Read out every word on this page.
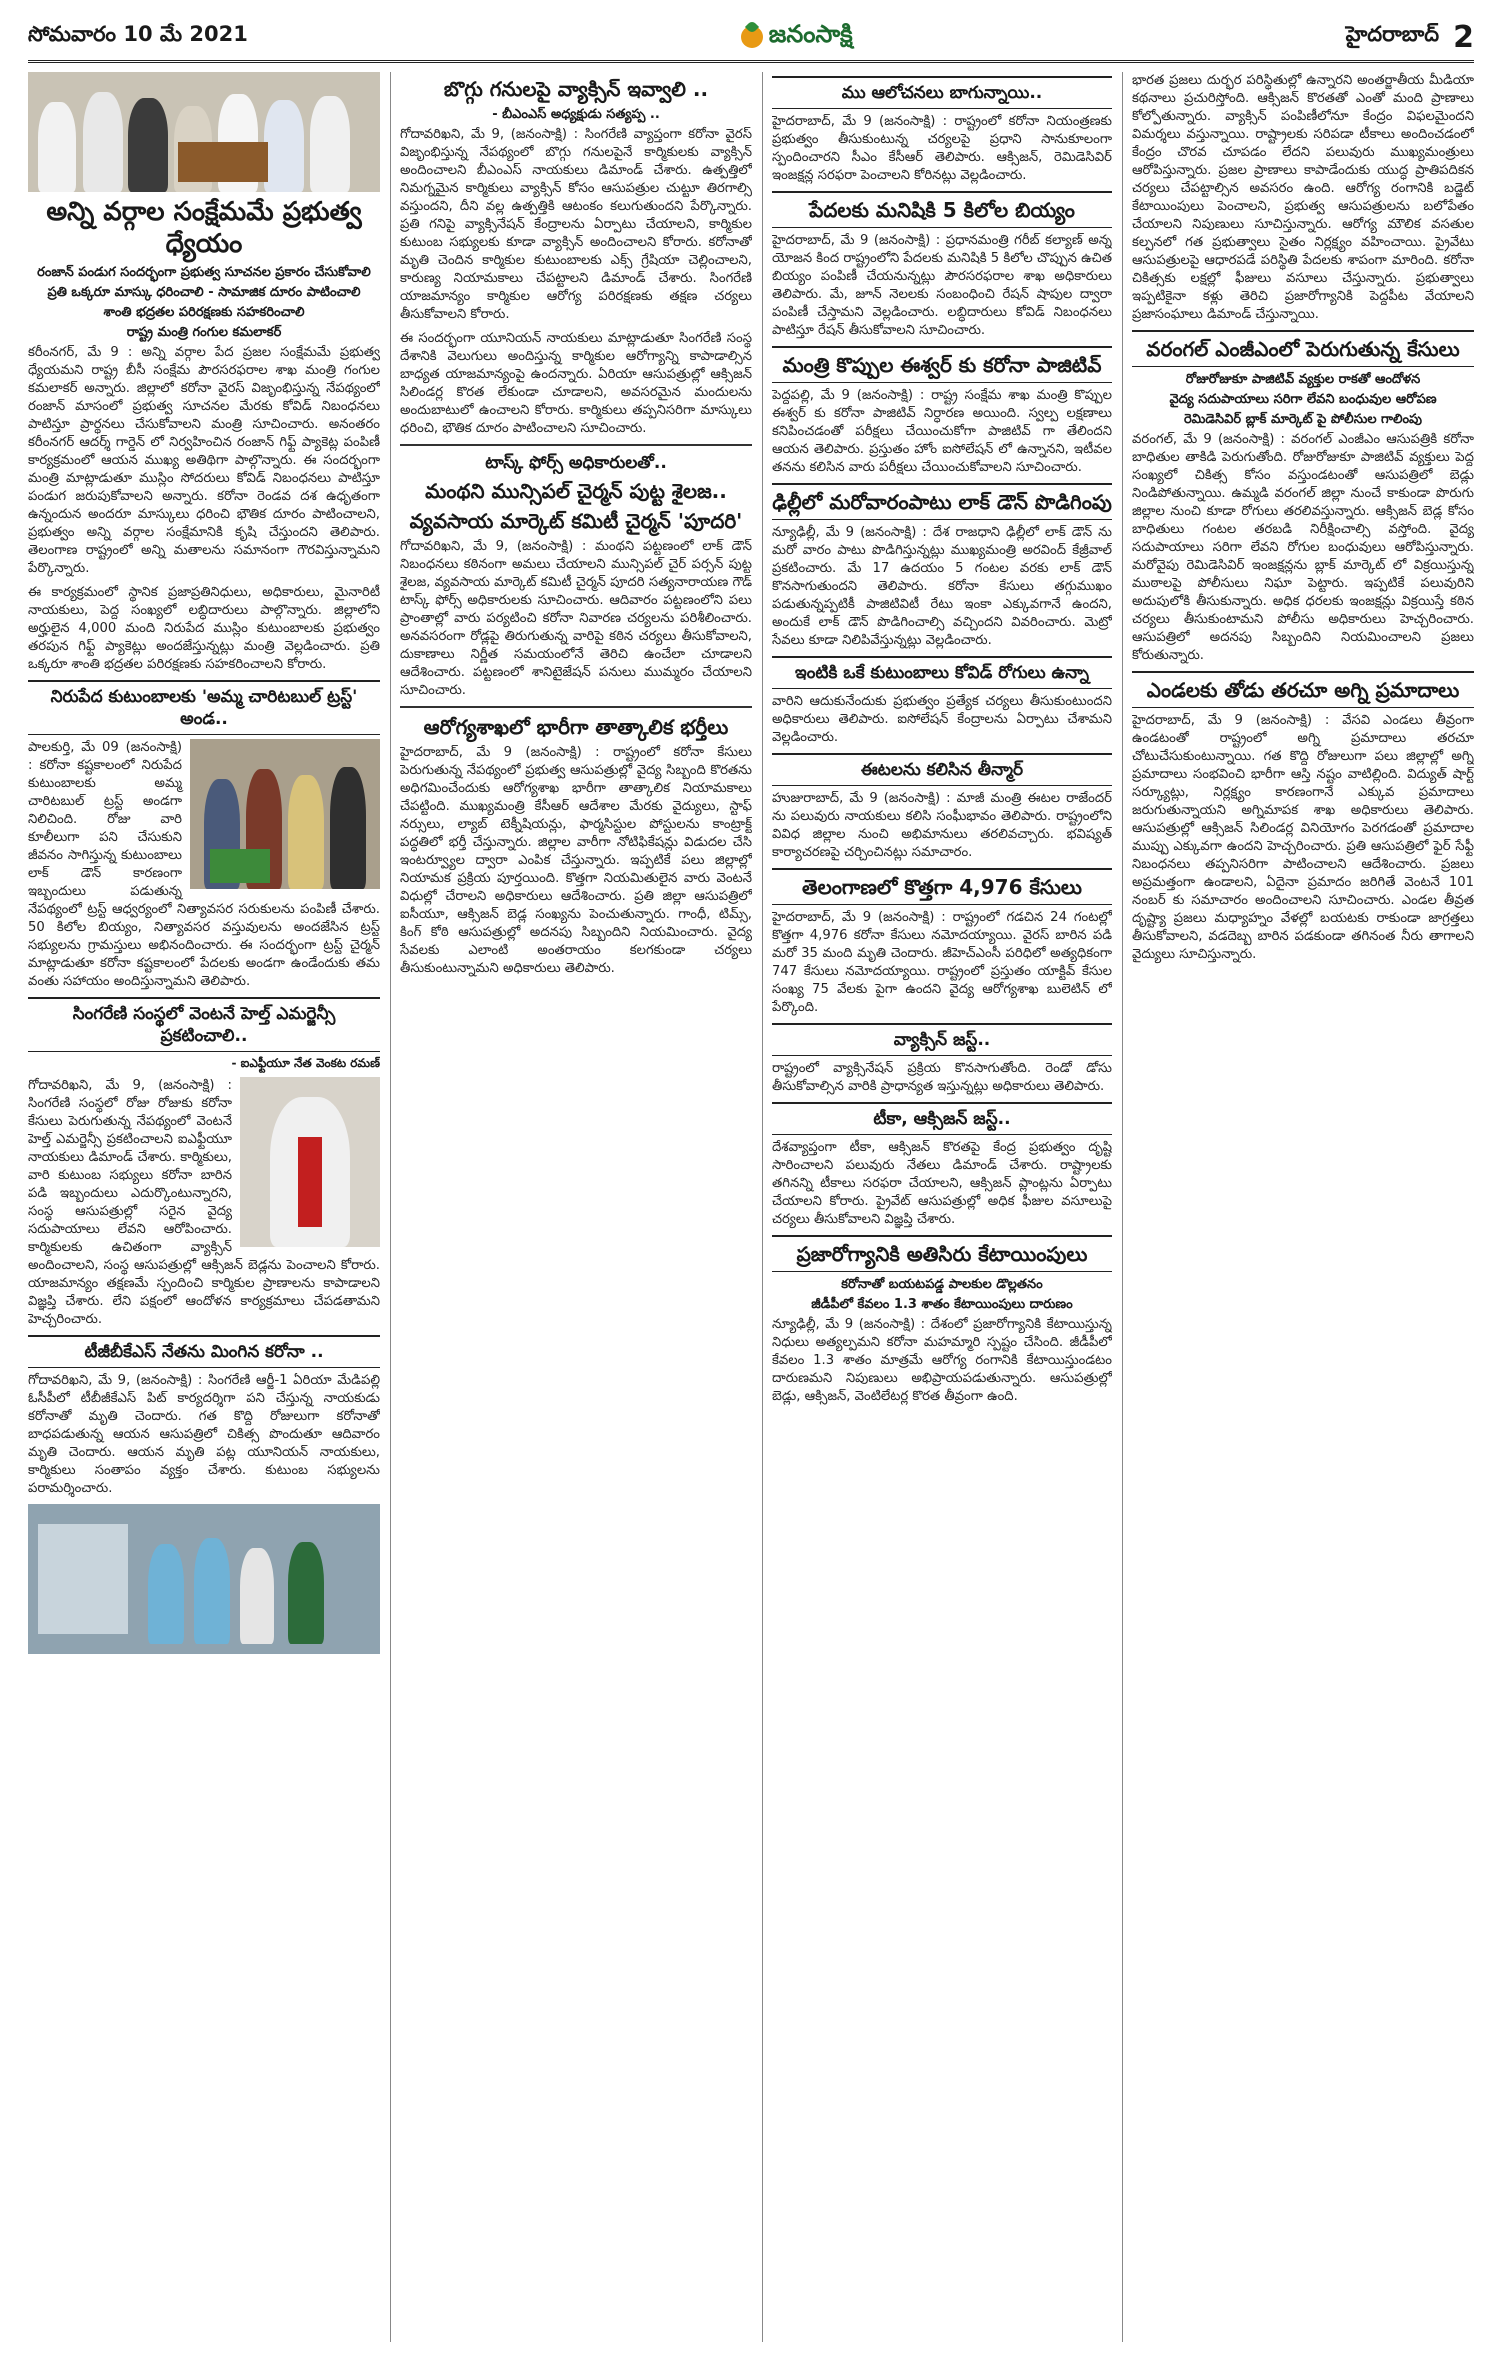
సోమవారం 10 మే 2021	జనంసాక్షి	హైదరాబాద్ 2
అన్ని వర్గాల సంక్షేమమే ప్రభుత్వ ధ్యేయం
రంజాన్ పండుగ సందర్భంగా ప్రభుత్వ సూచనల ప్రకారం చేసుకోవాలి
ప్రతి ఒక్కరూ మాస్కు ధరించాలి - సామాజిక దూరం పాటించాలి
శాంతి భద్రతల పరిరక్షణకు సహకరించాలి
రాష్ట్ర మంత్రి గంగుల కమలాకర్

కరీంనగర్, మే 9 : అన్ని వర్గాల పేద ప్రజల సంక్షేమమే ప్రభుత్వ ధ్యేయమని రాష్ట్ర బీసీ సంక్షేమ పౌరసరఫరాల శాఖ మంత్రి గంగుల కమలాకర్ అన్నారు. జిల్లాలో కరోనా వైరస్ విజృంభిస్తున్న నేపథ్యంలో రంజాన్ మాసంలో ప్రభుత్వ సూచనల మేరకు కోవిడ్ నిబంధనలు పాటిస్తూ ప్రార్థనలు చేసుకోవాలని మంత్రి సూచించారు. అనంతరం కరీంనగర్ ఆదర్శ్ గార్డెన్ లో నిర్వహించిన రంజాన్ గిఫ్ట్ ప్యాకెట్ల పంపిణీ కార్యక్రమంలో ఆయన ముఖ్య అతిథిగా పాల్గొన్నారు. ఈ సందర్భంగా మంత్రి మాట్లాడుతూ ముస్లిం సోదరులు కోవిడ్ నిబంధనలు పాటిస్తూ పండుగ జరుపుకోవాలని అన్నారు. కరోనా రెండవ దశ ఉధృతంగా ఉన్నందున అందరూ మాస్కులు ధరించి భౌతిక దూరం పాటించాలని, ప్రభుత్వం అన్ని వర్గాల సంక్షేమానికి కృషి చేస్తుందని తెలిపారు. తెలంగాణ రాష్ట్రంలో అన్ని మతాలను సమానంగా గౌరవిస్తున్నామని పేర్కొన్నారు.

ఈ కార్యక్రమంలో స్థానిక ప్రజాప్రతినిధులు, అధికారులు, మైనారిటీ నాయకులు, పెద్ద సంఖ్యలో లబ్ధిదారులు పాల్గొన్నారు. జిల్లాలోని అర్హులైన 4,000 మంది నిరుపేద ముస్లిం కుటుంబాలకు ప్రభుత్వం తరపున గిఫ్ట్ ప్యాకెట్లు అందజేస్తున్నట్లు మంత్రి వెల్లడించారు. ప్రతి ఒక్కరూ శాంతి భద్రతల పరిరక్షణకు సహకరించాలని కోరారు.

నిరుపేద కుటుంబాలకు 'అమ్మ చారిటబుల్ ట్రస్ట్' అండ..

పాలకుర్తి, మే 09 (జనంసాక్షి) : కరోనా కష్టకాలంలో నిరుపేద కుటుంబాలకు అమ్మ చారిటబుల్ ట్రస్ట్ అండగా నిలిచింది. రోజు వారి కూలీలుగా పని చేసుకుని జీవనం సాగిస్తున్న కుటుంబాలు లాక్ డౌన్ కారణంగా ఇబ్బందులు పడుతున్న నేపథ్యంలో ట్రస్ట్ ఆధ్వర్యంలో నిత్యావసర సరుకులను పంపిణీ చేశారు. 50 కిలోల బియ్యం, నిత్యావసర వస్తువులను అందజేసిన ట్రస్ట్ సభ్యులను గ్రామస్తులు అభినందించారు. ఈ సందర్భంగా ట్రస్ట్ చైర్మన్ మాట్లాడుతూ కరోనా కష్టకాలంలో పేదలకు అండగా ఉండేందుకు తమ వంతు సహాయం అందిస్తున్నామని తెలిపారు.

సింగరేణి సంస్థలో వెంటనే హెల్త్ ఎమర్జెన్సీ ప్రకటించాలి..
- ఐఎఫ్టీయూ నేత వెంకట రమణ్

గోదావరిఖని, మే 9, (జనంసాక్షి) : సింగరేణి సంస్థలో రోజు రోజుకు కరోనా కేసులు పెరుగుతున్న నేపథ్యంలో వెంటనే హెల్త్ ఎమర్జెన్సీ ప్రకటించాలని ఐఎఫ్టీయూ నాయకులు డిమాండ్ చేశారు. కార్మికులు, వారి కుటుంబ సభ్యులు కరోనా బారిన పడి ఇబ్బందులు ఎదుర్కొంటున్నారని, సంస్థ ఆసుపత్రుల్లో సరైన వైద్య సదుపాయాలు లేవని ఆరోపించారు. కార్మికులకు ఉచితంగా వ్యాక్సిన్ అందించాలని, సంస్థ ఆసుపత్రుల్లో ఆక్సిజన్ బెడ్లను పెంచాలని కోరారు. యాజమాన్యం తక్షణమే స్పందించి కార్మికుల ప్రాణాలను కాపాడాలని విజ్ఞప్తి చేశారు. లేని పక్షంలో ఆందోళన కార్యక్రమాలు చేపడతామని హెచ్చరించారు.

టీజీబీకేఎస్ నేతను మింగిన కరోనా ..

గోదావరిఖని, మే 9, (జనంసాక్షి) : సింగరేణి ఆర్జీ-1 ఏరియా మేడిపల్లి ఓసీపీలో టీబీజీకేఎస్ పిట్ కార్యదర్శిగా పని చేస్తున్న నాయకుడు కరోనాతో మృతి చెందారు. గత కొద్ది రోజులుగా కరోనాతో బాధపడుతున్న ఆయన ఆసుపత్రిలో చికిత్స పొందుతూ ఆదివారం మృతి చెందారు. ఆయన మృతి పట్ల యూనియన్ నాయకులు, కార్మికులు సంతాపం వ్యక్తం చేశారు. కుటుంబ సభ్యులను పరామర్శించారు.

బొగ్గు గనులపై వ్యాక్సిన్ ఇవ్వాలి ..
- బీఎంఎస్ అధ్యక్షుడు సత్యప్ప ..

గోదావరిఖని, మే 9, (జనంసాక్షి) : సింగరేణి వ్యాప్తంగా కరోనా వైరస్ విజృంభిస్తున్న నేపథ్యంలో బొగ్గు గనులపైనే కార్మికులకు వ్యాక్సిన్ అందించాలని బీఎంఎస్ నాయకులు డిమాండ్ చేశారు. ఉత్పత్తిలో నిమగ్నమైన కార్మికులు వ్యాక్సిన్ కోసం ఆసుపత్రుల చుట్టూ తిరగాల్సి వస్తుందని, దీని వల్ల ఉత్పత్తికి ఆటంకం కలుగుతుందని పేర్కొన్నారు. ప్రతి గనిపై వ్యాక్సినేషన్ కేంద్రాలను ఏర్పాటు చేయాలని, కార్మికుల కుటుంబ సభ్యులకు కూడా వ్యాక్సిన్ అందించాలని కోరారు. కరోనాతో మృతి చెందిన కార్మికుల కుటుంబాలకు ఎక్స్ గ్రేషియా చెల్లించాలని, కారుణ్య నియామకాలు చేపట్టాలని డిమాండ్ చేశారు. సింగరేణి యాజమాన్యం కార్మికుల ఆరోగ్య పరిరక్షణకు తక్షణ చర్యలు తీసుకోవాలని కోరారు.

ఈ సందర్భంగా యూనియన్ నాయకులు మాట్లాడుతూ సింగరేణి సంస్థ దేశానికి వెలుగులు అందిస్తున్న కార్మికుల ఆరోగ్యాన్ని కాపాడాల్సిన బాధ్యత యాజమాన్యంపై ఉందన్నారు. ఏరియా ఆసుపత్రుల్లో ఆక్సిజన్ సిలిండర్ల కొరత లేకుండా చూడాలని, అవసరమైన మందులను అందుబాటులో ఉంచాలని కోరారు. కార్మికులు తప్పనిసరిగా మాస్కులు ధరించి, భౌతిక దూరం పాటించాలని సూచించారు.

టాస్క్ ఫోర్స్ అధికారులతో..
మంథని మున్సిపల్ చైర్మన్ పుట్ట శైలజ..
వ్యవసాయ మార్కెట్ కమిటీ చైర్మన్ 'పూదరి'

గోదావరిఖని, మే 9, (జనంసాక్షి) : మంథని పట్టణంలో లాక్ డౌన్ నిబంధనలు కఠినంగా అమలు చేయాలని మున్సిపల్ చైర్ పర్సన్ పుట్ట శైలజ, వ్యవసాయ మార్కెట్ కమిటీ చైర్మన్ పూదరి సత్యనారాయణ గౌడ్ టాస్క్ ఫోర్స్ అధికారులకు సూచించారు. ఆదివారం పట్టణంలోని పలు ప్రాంతాల్లో వారు పర్యటించి కరోనా నివారణ చర్యలను పరిశీలించారు. అనవసరంగా రోడ్లపై తిరుగుతున్న వారిపై కఠిన చర్యలు తీసుకోవాలని, దుకాణాలు నిర్ణీత సమయంలోనే తెరిచి ఉంచేలా చూడాలని ఆదేశించారు. పట్టణంలో శానిటైజేషన్ పనులు ముమ్మరం చేయాలని సూచించారు.

ఆరోగ్యశాఖలో భారీగా తాత్కాలిక భర్తీలు

హైదరాబాద్, మే 9 (జనంసాక్షి) : రాష్ట్రంలో కరోనా కేసులు పెరుగుతున్న నేపథ్యంలో ప్రభుత్వ ఆసుపత్రుల్లో వైద్య సిబ్బంది కొరతను అధిగమించేందుకు ఆరోగ్యశాఖ భారీగా తాత్కాలిక నియామకాలు చేపట్టింది. ముఖ్యమంత్రి కేసీఆర్ ఆదేశాల మేరకు వైద్యులు, స్టాఫ్ నర్సులు, ల్యాబ్ టెక్నీషియన్లు, ఫార్మసిస్టుల పోస్టులను కాంట్రాక్ట్ పద్ధతిలో భర్తీ చేస్తున్నారు. జిల్లాల వారీగా నోటిఫికేషన్లు విడుదల చేసి ఇంటర్వ్యూల ద్వారా ఎంపిక చేస్తున్నారు. ఇప్పటికే పలు జిల్లాల్లో నియామక ప్రక్రియ పూర్తయింది. కొత్తగా నియమితులైన వారు వెంటనే విధుల్లో చేరాలని అధికారులు ఆదేశించారు. ప్రతి జిల్లా ఆసుపత్రిలో ఐసీయూ, ఆక్సిజన్ బెడ్ల సంఖ్యను పెంచుతున్నారు. గాంధీ, టిమ్స్, కింగ్ కోఠి ఆసుపత్రుల్లో అదనపు సిబ్బందిని నియమించారు. వైద్య సేవలకు ఎలాంటి అంతరాయం కలగకుండా చర్యలు తీసుకుంటున్నామని అధికారులు తెలిపారు.

ము ఆలోచనలు బాగున్నాయి..

హైదరాబాద్, మే 9 (జనంసాక్షి) : రాష్ట్రంలో కరోనా నియంత్రణకు ప్రభుత్వం తీసుకుంటున్న చర్యలపై ప్రధాని సానుకూలంగా స్పందించారని సీఎం కేసీఆర్ తెలిపారు. ఆక్సిజన్, రెమిడెసివిర్ ఇంజక్షన్ల సరఫరా పెంచాలని కోరినట్లు వెల్లడించారు.

పేదలకు మనిషికి 5 కిలోల బియ్యం

హైదరాబాద్, మే 9 (జనంసాక్షి) : ప్రధానమంత్రి గరీబ్ కల్యాణ్ అన్న యోజన కింద రాష్ట్రంలోని పేదలకు మనిషికి 5 కిలోల చొప్పున ఉచిత బియ్యం పంపిణీ చేయనున్నట్లు పౌరసరఫరాల శాఖ అధికారులు తెలిపారు. మే, జూన్ నెలలకు సంబంధించి రేషన్ షాపుల ద్వారా పంపిణీ చేస్తామని వెల్లడించారు. లబ్ధిదారులు కోవిడ్ నిబంధనలు పాటిస్తూ రేషన్ తీసుకోవాలని సూచించారు.

మంత్రి కొప్పుల ఈశ్వర్ కు కరోనా పాజిటివ్

పెద్దపల్లి, మే 9 (జనంసాక్షి) : రాష్ట్ర సంక్షేమ శాఖ మంత్రి కొప్పుల ఈశ్వర్ కు కరోనా పాజిటివ్ నిర్ధారణ అయింది. స్వల్ప లక్షణాలు కనిపించడంతో పరీక్షలు చేయించుకోగా పాజిటివ్ గా తేలిందని ఆయన తెలిపారు. ప్రస్తుతం హోం ఐసోలేషన్ లో ఉన్నానని, ఇటీవల తనను కలిసిన వారు పరీక్షలు చేయించుకోవాలని సూచించారు.

ఢిల్లీలో మరోవారంపాటు లాక్ డౌన్ పొడిగింపు

న్యూఢిల్లీ, మే 9 (జనంసాక్షి) : దేశ రాజధాని ఢిల్లీలో లాక్ డౌన్ ను మరో వారం పాటు పొడిగిస్తున్నట్లు ముఖ్యమంత్రి అరవింద్ కేజ్రీవాల్ ప్రకటించారు. మే 17 ఉదయం 5 గంటల వరకు లాక్ డౌన్ కొనసాగుతుందని తెలిపారు. కరోనా కేసులు తగ్గుముఖం పడుతున్నప్పటికీ పాజిటివిటీ రేటు ఇంకా ఎక్కువగానే ఉందని, అందుకే లాక్ డౌన్ పొడిగించాల్సి వచ్చిందని వివరించారు. మెట్రో సేవలు కూడా నిలిపివేస్తున్నట్లు వెల్లడించారు.

ఇంటికి ఒకే కుటుంబాలు కోవిడ్ రోగులు ఉన్నా

వారిని ఆదుకునేందుకు ప్రభుత్వం ప్రత్యేక చర్యలు తీసుకుంటుందని అధికారులు తెలిపారు. ఐసోలేషన్ కేంద్రాలను ఏర్పాటు చేశామని వెల్లడించారు.

ఈటలను కలిసిన తీన్మార్

హుజురాబాద్, మే 9 (జనంసాక్షి) : మాజీ మంత్రి ఈటల రాజేందర్ ను పలువురు నాయకులు కలిసి సంఘీభావం తెలిపారు. రాష్ట్రంలోని వివిధ జిల్లాల నుంచి అభిమానులు తరలివచ్చారు. భవిష్యత్ కార్యాచరణపై చర్చించినట్లు సమాచారం.

తెలంగాణలో కొత్తగా 4,976 కేసులు

హైదరాబాద్, మే 9 (జనంసాక్షి) : రాష్ట్రంలో గడచిన 24 గంటల్లో కొత్తగా 4,976 కరోనా కేసులు నమోదయ్యాయి. వైరస్ బారిన పడి మరో 35 మంది మృతి చెందారు. జీహెచ్ఎంసీ పరిధిలో అత్యధికంగా 747 కేసులు నమోదయ్యాయి. రాష్ట్రంలో ప్రస్తుతం యాక్టివ్ కేసుల సంఖ్య 75 వేలకు పైగా ఉందని వైద్య ఆరోగ్యశాఖ బులెటిన్ లో పేర్కొంది.

వ్యాక్సిన్ జస్ట్..

రాష్ట్రంలో వ్యాక్సినేషన్ ప్రక్రియ కొనసాగుతోంది. రెండో డోసు తీసుకోవాల్సిన వారికి ప్రాధాన్యత ఇస్తున్నట్లు అధికారులు తెలిపారు.

టీకా, ఆక్సిజన్ జస్ట్..

దేశవ్యాప్తంగా టీకా, ఆక్సిజన్ కొరతపై కేంద్ర ప్రభుత్వం దృష్టి సారించాలని పలువురు నేతలు డిమాండ్ చేశారు. రాష్ట్రాలకు తగినన్ని టీకాలు సరఫరా చేయాలని, ఆక్సిజన్ ప్లాంట్లను ఏర్పాటు చేయాలని కోరారు. ప్రైవేట్ ఆసుపత్రుల్లో అధిక ఫీజుల వసూలుపై చర్యలు తీసుకోవాలని విజ్ఞప్తి చేశారు.

ప్రజారోగ్యానికి అతిసిరు కేటాయింపులు
కరోనాతో బయటపడ్డ పాలకుల డొల్లతనం
జీడీపీలో కేవలం 1.3 శాతం కేటాయింపులు దారుణం

న్యూఢిల్లీ, మే 9 (జనంసాక్షి) : దేశంలో ప్రజారోగ్యానికి కేటాయిస్తున్న నిధులు అత్యల్పమని కరోనా మహమ్మారి స్పష్టం చేసింది. జీడీపీలో కేవలం 1.3 శాతం మాత్రమే ఆరోగ్య రంగానికి కేటాయిస్తుండటం దారుణమని నిపుణులు అభిప్రాయపడుతున్నారు. ఆసుపత్రుల్లో బెడ్లు, ఆక్సిజన్, వెంటిలేటర్ల కొరత తీవ్రంగా ఉంది.

భారత ప్రజలు దుర్భర పరిస్థితుల్లో ఉన్నారని అంతర్జాతీయ మీడియా కథనాలు ప్రచురిస్తోంది. ఆక్సిజన్ కొరతతో ఎంతో మంది ప్రాణాలు కోల్పోతున్నారు. వ్యాక్సిన్ పంపిణీలోనూ కేంద్రం విఫలమైందని విమర్శలు వస్తున్నాయి. రాష్ట్రాలకు సరిపడా టీకాలు అందించడంలో కేంద్రం చొరవ చూపడం లేదని పలువురు ముఖ్యమంత్రులు ఆరోపిస్తున్నారు. ప్రజల ప్రాణాలు కాపాడేందుకు యుద్ధ ప్రాతిపదికన చర్యలు చేపట్టాల్సిన అవసరం ఉంది. ఆరోగ్య రంగానికి బడ్జెట్ కేటాయింపులు పెంచాలని, ప్రభుత్వ ఆసుపత్రులను బలోపేతం చేయాలని నిపుణులు సూచిస్తున్నారు. ఆరోగ్య మౌలిక వసతుల కల్పనలో గత ప్రభుత్వాలు సైతం నిర్లక్ష్యం వహించాయి. ప్రైవేటు ఆసుపత్రులపై ఆధారపడే పరిస్థితి పేదలకు శాపంగా మారింది. కరోనా చికిత్సకు లక్షల్లో ఫీజులు వసూలు చేస్తున్నారు. ప్రభుత్వాలు ఇప్పటికైనా కళ్లు తెరిచి ప్రజారోగ్యానికి పెద్దపీట వేయాలని ప్రజాసంఘాలు డిమాండ్ చేస్తున్నాయి.

వరంగల్ ఎంజీఎంలో పెరుగుతున్న కేసులు
రోజురోజుకూ పాజిటివ్ వ్యక్తుల రాకతో ఆందోళన
వైద్య సదుపాయాలు సరిగా లేవని బంధువుల ఆరోపణ
రెమిడెసివిర్ బ్లాక్ మార్కెట్ పై పోలీసుల గాలింపు

వరంగల్, మే 9 (జనంసాక్షి) : వరంగల్ ఎంజీఎం ఆసుపత్రికి కరోనా బాధితుల తాకిడి పెరుగుతోంది. రోజురోజుకూ పాజిటివ్ వ్యక్తులు పెద్ద సంఖ్యలో చికిత్స కోసం వస్తుండటంతో ఆసుపత్రిలో బెడ్లు నిండిపోతున్నాయి. ఉమ్మడి వరంగల్ జిల్లా నుంచే కాకుండా పొరుగు జిల్లాల నుంచి కూడా రోగులు తరలివస్తున్నారు. ఆక్సిజన్ బెడ్ల కోసం బాధితులు గంటల తరబడి నిరీక్షించాల్సి వస్తోంది. వైద్య సదుపాయాలు సరిగా లేవని రోగుల బంధువులు ఆరోపిస్తున్నారు. మరోవైపు రెమిడెసివిర్ ఇంజక్షన్లను బ్లాక్ మార్కెట్ లో విక్రయిస్తున్న ముఠాలపై పోలీసులు నిఘా పెట్టారు. ఇప్పటికే పలువురిని అదుపులోకి తీసుకున్నారు. అధిక ధరలకు ఇంజక్షన్లు విక్రయిస్తే కఠిన చర్యలు తీసుకుంటామని పోలీసు అధికారులు హెచ్చరించారు. ఆసుపత్రిలో అదనపు సిబ్బందిని నియమించాలని ప్రజలు కోరుతున్నారు.

ఎండలకు తోడు తరచూ అగ్ని ప్రమాదాలు

హైదరాబాద్, మే 9 (జనంసాక్షి) : వేసవి ఎండలు తీవ్రంగా ఉండటంతో రాష్ట్రంలో అగ్ని ప్రమాదాలు తరచూ చోటుచేసుకుంటున్నాయి. గత కొద్ది రోజులుగా పలు జిల్లాల్లో అగ్ని ప్రమాదాలు సంభవించి భారీగా ఆస్తి నష్టం వాటిల్లింది. విద్యుత్ షార్ట్ సర్క్యూట్లు, నిర్లక్ష్యం కారణంగానే ఎక్కువ ప్రమాదాలు జరుగుతున్నాయని అగ్నిమాపక శాఖ అధికారులు తెలిపారు. ఆసుపత్రుల్లో ఆక్సిజన్ సిలిండర్ల వినియోగం పెరగడంతో ప్రమాదాల ముప్పు ఎక్కువగా ఉందని హెచ్చరించారు. ప్రతి ఆసుపత్రిలో ఫైర్ సేఫ్టీ నిబంధనలు తప్పనిసరిగా పాటించాలని ఆదేశించారు. ప్రజలు అప్రమత్తంగా ఉండాలని, ఏదైనా ప్రమాదం జరిగితే వెంటనే 101 నంబర్ కు సమాచారం అందించాలని సూచించారు. ఎండల తీవ్రత దృష్ట్యా ప్రజలు మధ్యాహ్నం వేళల్లో బయటకు రాకుండా జాగ్రత్తలు తీసుకోవాలని, వడదెబ్బ బారిన పడకుండా తగినంత నీరు తాగాలని వైద్యులు సూచిస్తున్నారు.
